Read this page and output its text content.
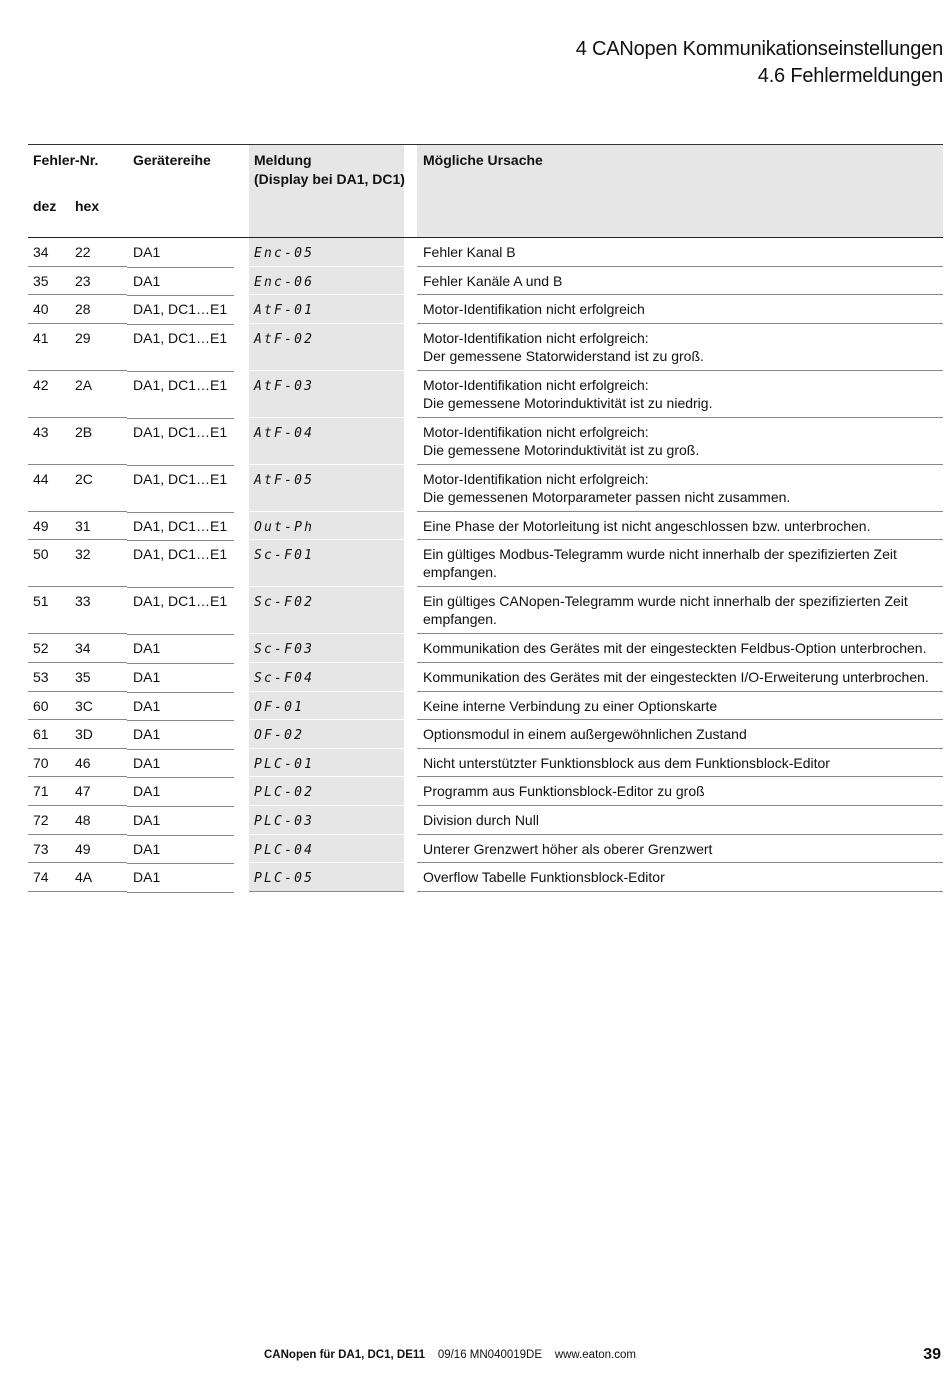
4 CANopen Kommunikationseinstellungen
4.6 Fehlermeldungen
Fehler-Nr. Gerätereihe	Meldung
(Display bei DA1, DC1)
Mögliche Ursache
dez hex
34	22	DA1	Enc-05	Fehler Kanal B
35	23	DA1	Enc-06	Fehler Kanäle A und B
40	28	DA1, DC1…E1	AtF-01	Motor-Identifikation nicht erfolgreich
41	29	DA1, DC1…E1	AtF-02	Motor-Identifikation nicht erfolgreich:
Der gemessene Statorwiderstand ist zu groß.
42	2A	DA1, DC1…E1	AtF-03	Motor-Identifikation nicht erfolgreich:
Die gemessene Motorinduktivität ist zu niedrig.
43	2B	DA1, DC1…E1	AtF-04	Motor-Identifikation nicht erfolgreich:
Die gemessene Motorinduktivität ist zu groß.
44	2C	DA1, DC1…E1	AtF-05	Motor-Identifikation nicht erfolgreich:
Die gemessenen Motorparameter passen nicht zusammen.
49	31	DA1, DC1…E1	Out-Ph	Eine Phase der Motorleitung ist nicht angeschlossen bzw. unterbrochen.
50	32	DA1, DC1…E1	Sc-F01	Ein gültiges Modbus-Telegramm wurde nicht innerhalb der spezifizierten Zeit
empfangen.
51	33	DA1, DC1…E1	Sc-F02	Ein gültiges CANopen-Telegramm wurde nicht innerhalb der spezifizierten Zeit
empfangen.
52	34	DA1	Sc-F03	Kommunikation des Gerätes mit der eingesteckten Feldbus-Option unterbrochen.
53	35	DA1	Sc-F04	Kommunikation des Gerätes mit der eingesteckten I/O-Erweiterung unterbrochen.
60	3C	DA1	OF-01	Keine interne Verbindung zu einer Optionskarte
61	3D	DA1	OF-02	Optionsmodul in einem außergewöhnlichen Zustand
70	46	DA1	PLC-01	Nicht unterstützter Funktionsblock aus dem Funktionsblock-Editor
71	47	DA1	PLC-02	Programm aus Funktionsblock-Editor zu groß
72	48	DA1	PLC-03	Division durch Null
73	49	DA1	PLC-04	Unterer Grenzwert höher als oberer Grenzwert
74	4A	DA1	PLC-05	Overflow Tabelle Funktionsblock-Editor
CANopen für DA1, DC1, DE11 09/16 MN040019DE www.eaton.com	39
